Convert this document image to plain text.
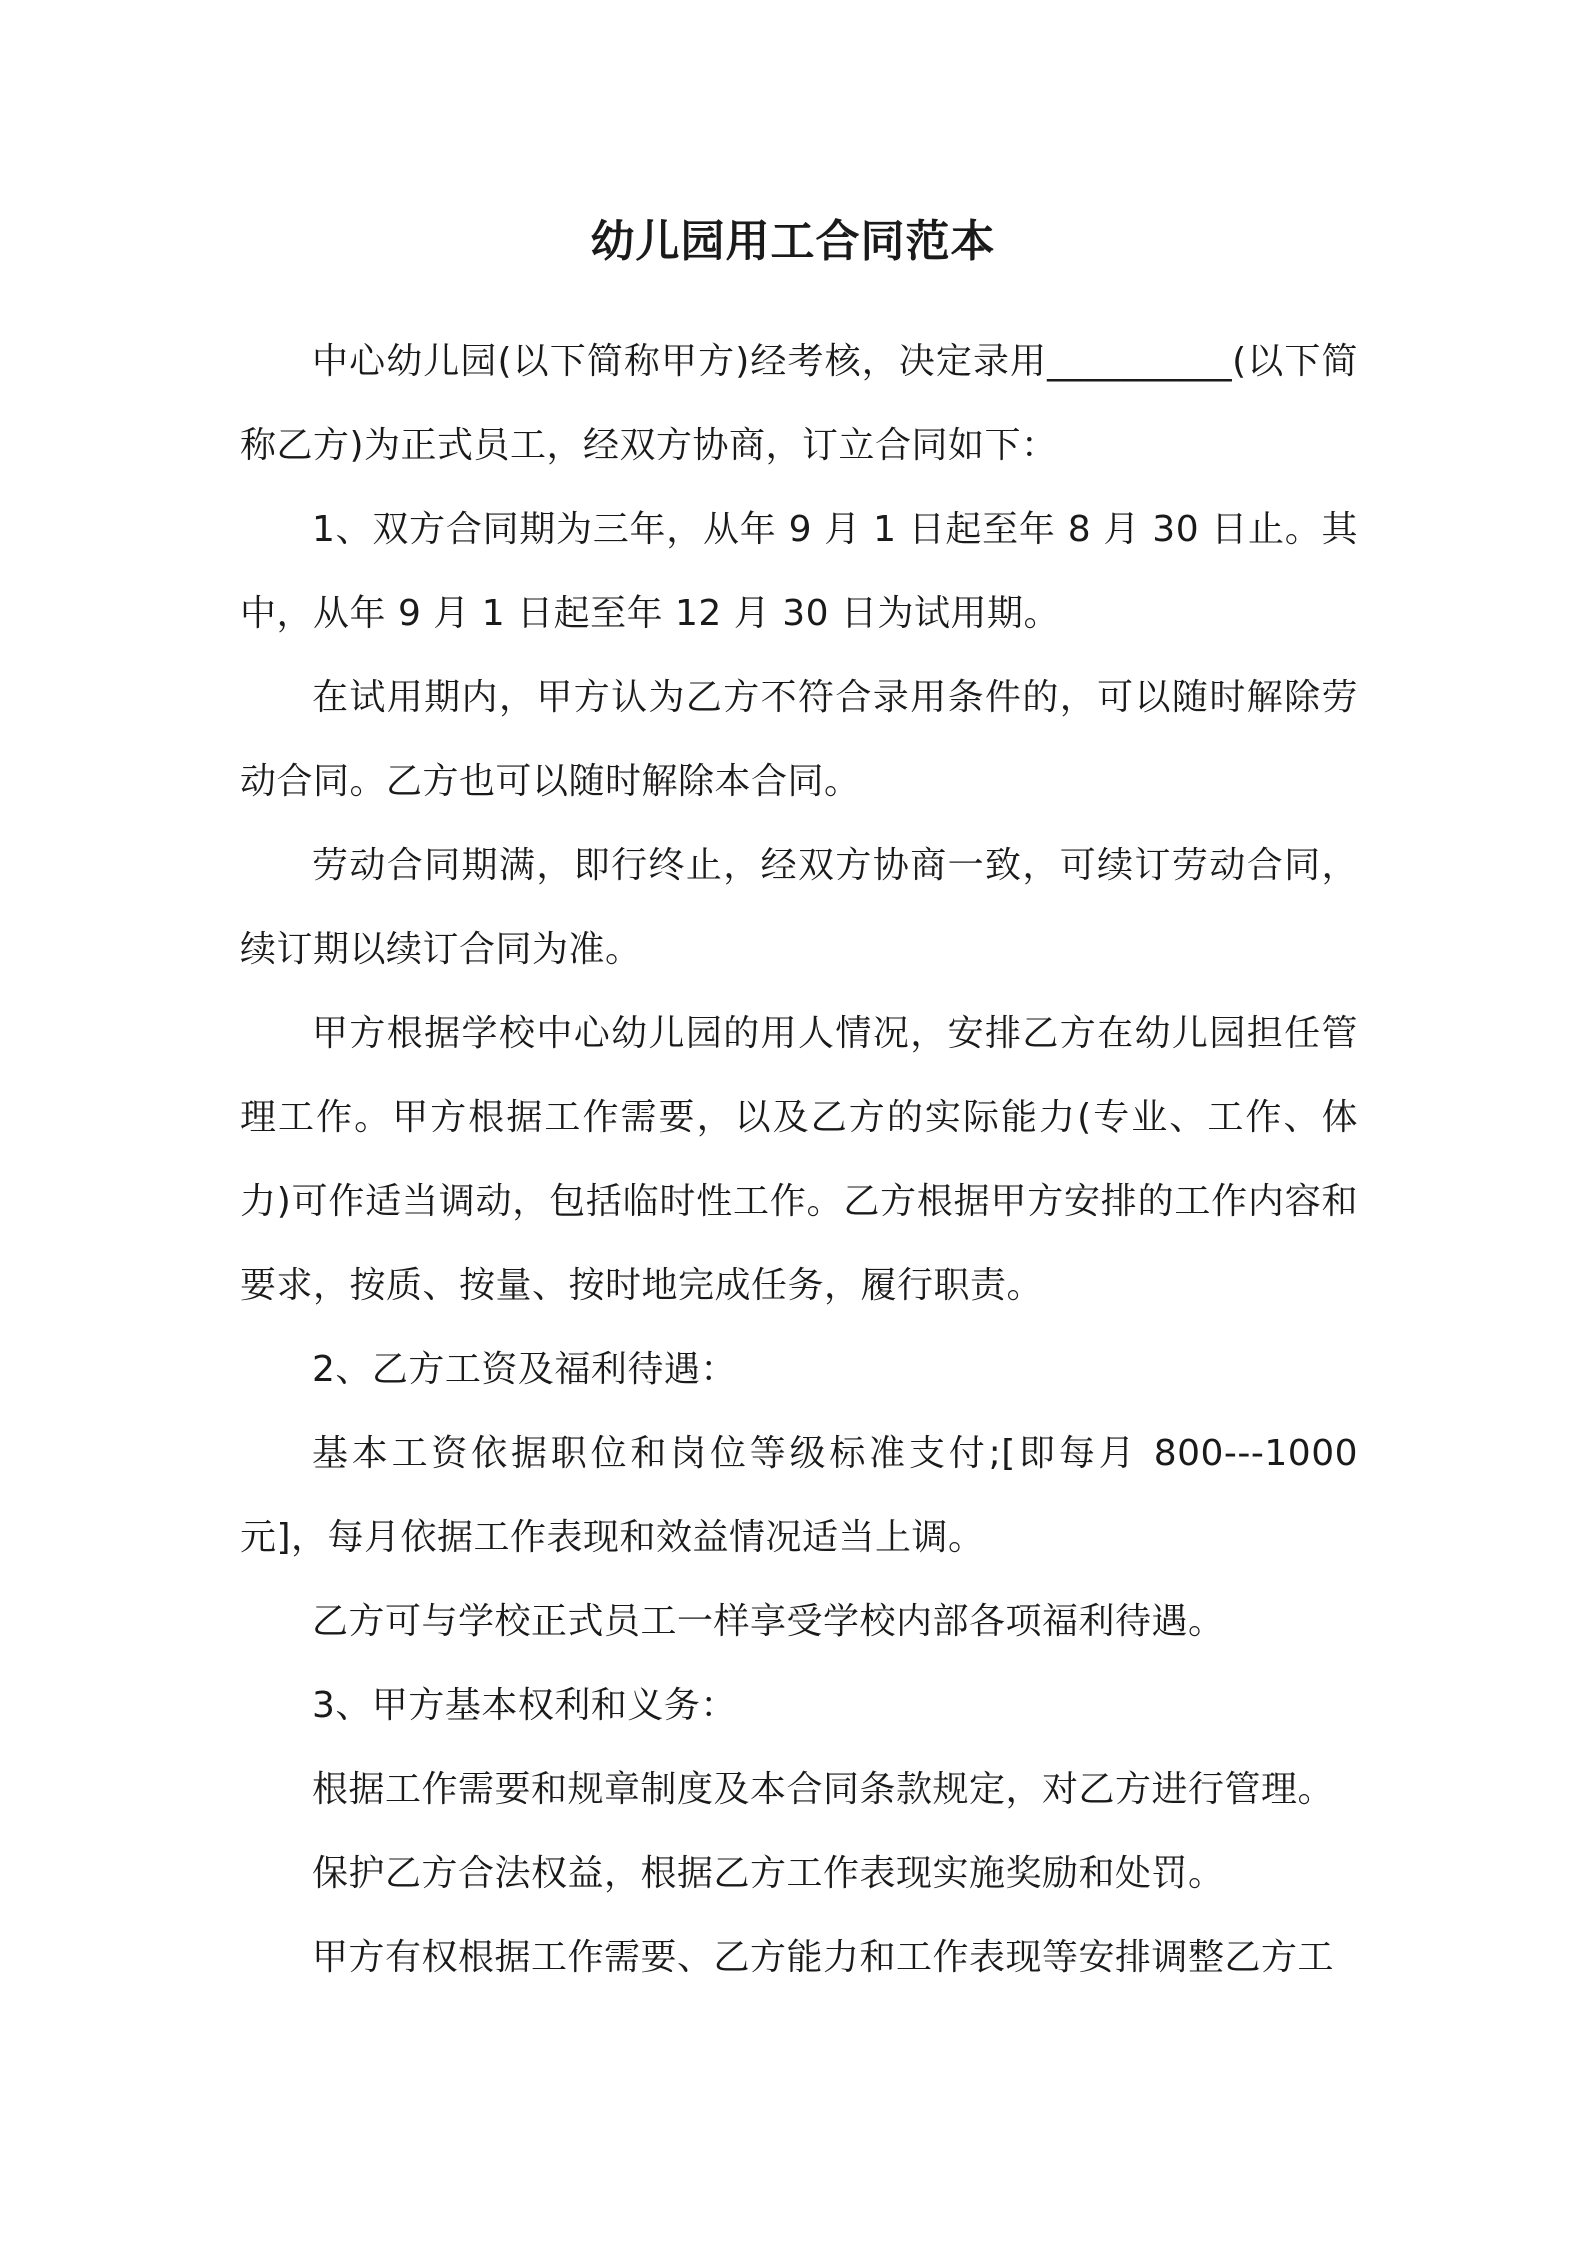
幼儿园用工合同范本

中心幼儿园(以下简称甲方)经考核，决定录用__________(以下简称乙方)为正式员工，经双方协商，订立合同如下：

1、双方合同期为三年，从年 9 月 1 日起至年 8 月 30 日止。其中，从年 9 月 1 日起至年 12 月 30 日为试用期。

在试用期内，甲方认为乙方不符合录用条件的，可以随时解除劳动合同。乙方也可以随时解除本合同。

劳动合同期满，即行终止，经双方协商一致，可续订劳动合同，续订期以续订合同为准。

甲方根据学校中心幼儿园的用人情况，安排乙方在幼儿园担任管理工作。甲方根据工作需要，以及乙方的实际能力(专业、工作、体力)可作适当调动，包括临时性工作。乙方根据甲方安排的工作内容和要求，按质、按量、按时地完成任务，履行职责。

2、乙方工资及福利待遇：

基本工资依据职位和岗位等级标准支付;[即每月 800---1000 元]，每月依据工作表现和效益情况适当上调。

乙方可与学校正式员工一样享受学校内部各项福利待遇。

3、甲方基本权利和义务：

根据工作需要和规章制度及本合同条款规定，对乙方进行管理。

保护乙方合法权益，根据乙方工作表现实施奖励和处罚。

甲方有权根据工作需要、乙方能力和工作表现等安排调整乙方工
